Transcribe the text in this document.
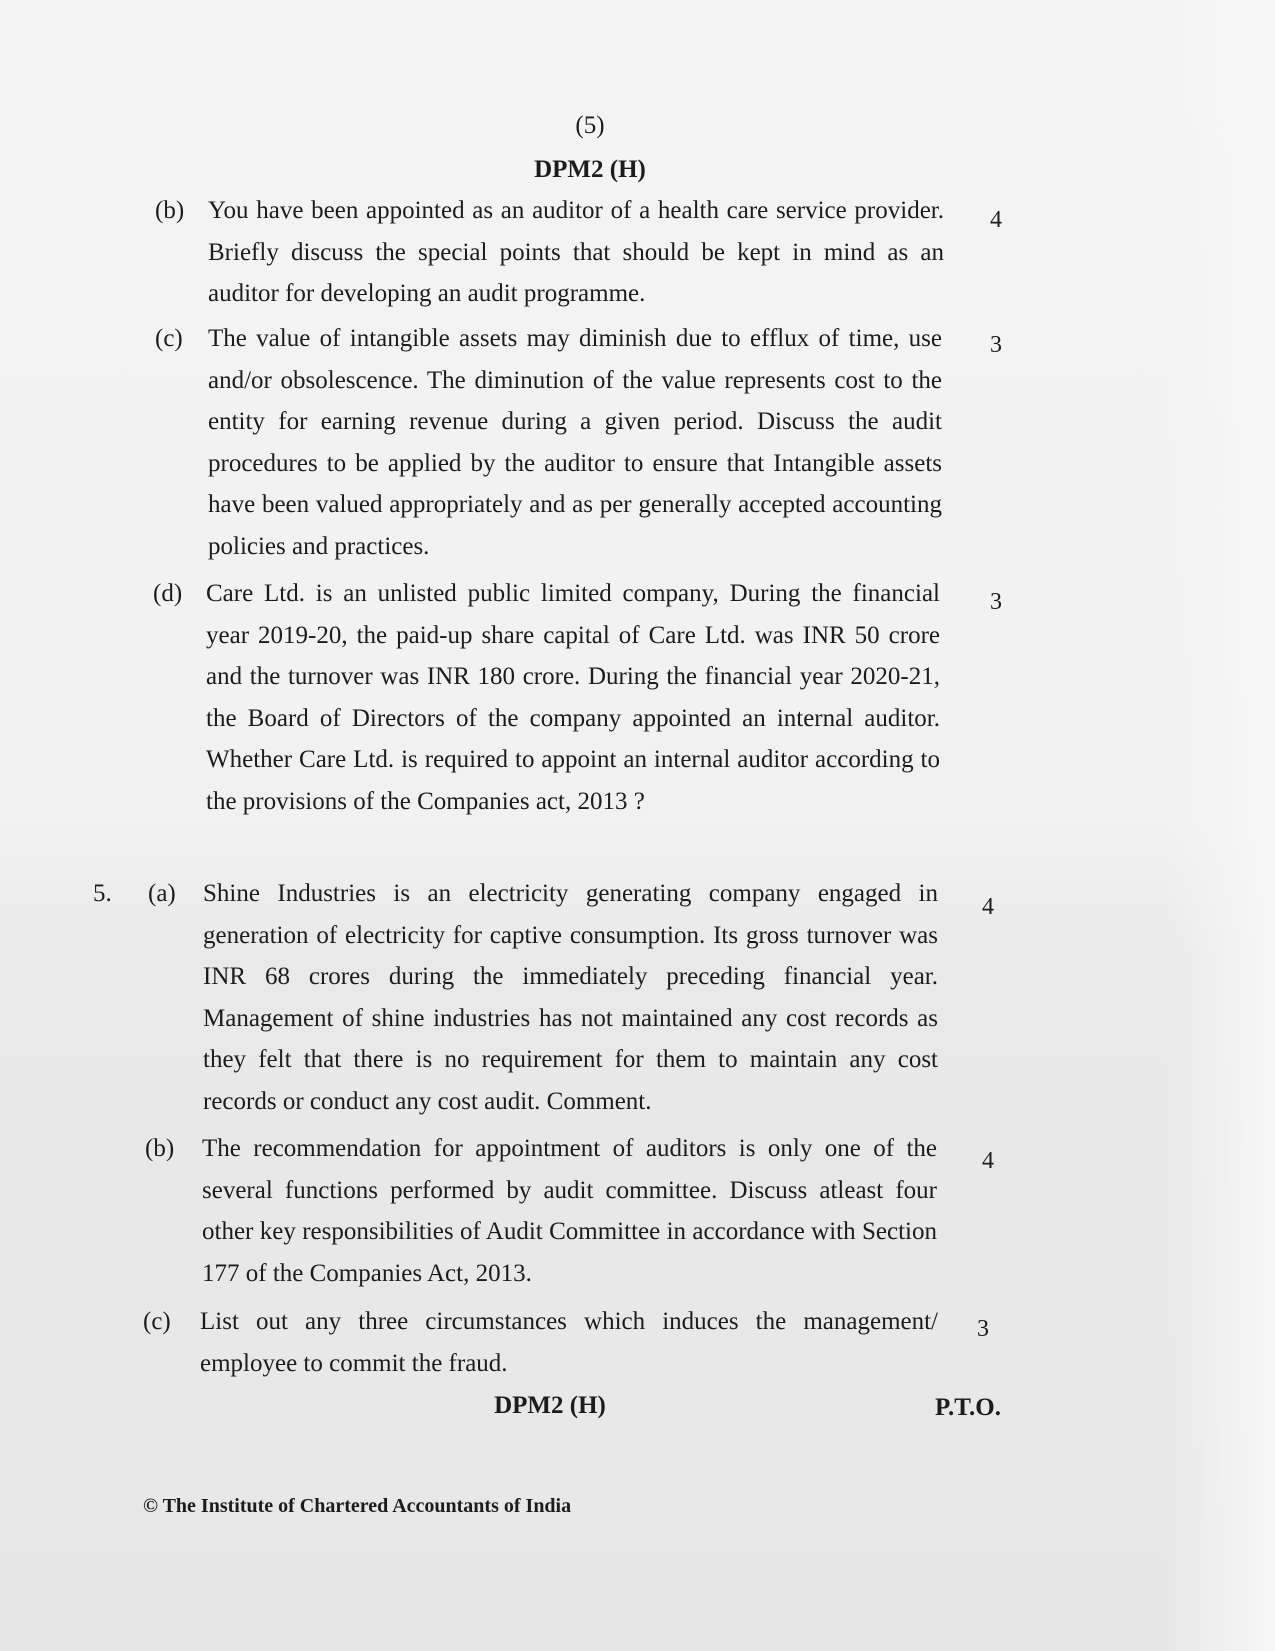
(5)
DPM2 (H)
(b) You have been appointed as an auditor of a health care service provider. Briefly discuss the special points that should be kept in mind as an auditor for developing an audit programme.
4
(c) The value of intangible assets may diminish due to efflux of time, use and/or obsolescence. The diminution of the value represents cost to the entity for earning revenue during a given period. Discuss the audit procedures to be applied by the auditor to ensure that Intangible assets have been valued appropriately and as per generally accepted accounting policies and practices.
3
(d) Care Ltd. is an unlisted public limited company, During the financial year 2019-20, the paid-up share capital of Care Ltd. was INR 50 crore and the turnover was INR 180 crore. During the financial year 2020-21, the Board of Directors of the company appointed an internal auditor. Whether Care Ltd. is required to appoint an internal auditor according to the provisions of the Companies act, 2013 ?
3
5. (a) Shine Industries is an electricity generating company engaged in generation of electricity for captive consumption. Its gross turnover was INR 68 crores during the immediately preceding financial year. Management of shine industries has not maintained any cost records as they felt that there is no requirement for them to maintain any cost records or conduct any cost audit. Comment.
4
(b) The recommendation for appointment of auditors is only one of the several functions performed by audit committee. Discuss atleast four other key responsibilities of Audit Committee in accordance with Section 177 of the Companies Act, 2013.
4
(c) List out any three circumstances which induces the management/ employee to commit the fraud.
3
DPM2 (H)	P.T.O.
© The Institute of Chartered Accountants of India
